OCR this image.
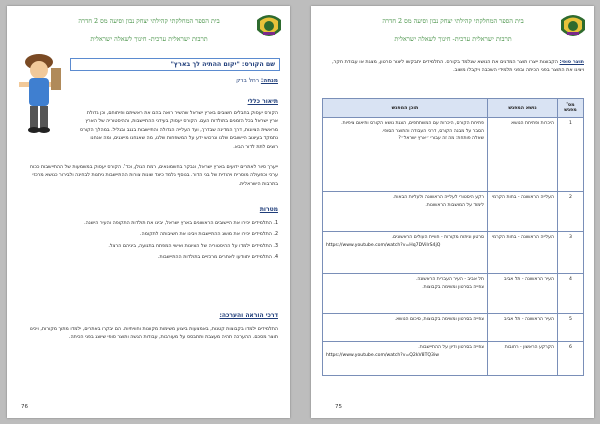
בית הספר המחלקתי קהילתי יצחק נבון וסיעה מס 2 חדרה
תרבות ישראלית ערכית- חינוך לשאלה ישראלית
שם הקורס: "יקום ההתיה לך בארץ"
מנחה: רחל ברק
תיאור כללי
הקורס יעסוק בחבלים חשובים בארץ ישראל שהשיר רואה בהם את ראשיתם ופיתוחם, וכן גדולת ארץ ישראל בכל הזמנים בתולדות העם. הקורס יעסוק בעידני ההתיישבות, וההיסטוריה של הארץ מראשית הציונות, דרך המדינה שבדרך, ועד העלייה הגדולה והתיישבות בנגב ובגליל. במהלך הקורס נתמקד בעיצוב היישובים שלנו ונרכוש ידע על המשפחות שלנו, מה שאנחנו מייצגים, ומה אנחנו רוצים לתת לדור הבא.
ייערך סיור לאתרים ידועים בארץ ישראל, ונבקר בחשמונאים, רמת הגולן, וכד'. הקורס יעסוק במשמעות של ההתיישבות ככוח ערכי וכפעולה מוסרית ויהודית של בני הדור. בנוסף נלמד כיצד שונות צורות ההתיישבות ניתנות לבחינה ולבירור כנושא מרכזי בתרבות הישראלית.
מטרות
1. התלמידים יכירו את היישובים הראשונים בארץ ישראל, יבינו את תולדות התקופה והעיר הישנה.
2. התלמידים יכירו את מושג ההתיישבות ויבינו את חשיבותה לתקומה.
3. התלמידים ילמדו על ההיסטוריה של הציונות ואישי המפתח בתנועה, ביניהם הרצל.
4. התלמידים יתוודעו לאתרים מרכזיים בתולדות ההתיישבות.
דרכי הוראה והערכה:
התלמידים ילמדו בקבוצות קטנות, באמצעות ביצוע משימות מקוונות וחוויתיות. הם יבקרו באתרים, ילמדו מתוך מקורות, ויכינו תוצר מסכם. ההערכה תהיה מעצבת ותתבסס על מעורבות, עבודות הגשה ותוצר סופי שיוצג בפני הכיתה.
76
בית הספר המחלקתי קהילתי יצחק נבון וסיעה מס 2 חדרה
תרבות ישראלית ערכית- חינוך לשאלה ישראלית
תוצר סופי: הקבוצות ייצרו תוצר המדגים את הנושא שנלמד בקורס. התלמידים יתבקשו ליצור סרטון, מצגת או עבודת חקר, ויציגו את התוצר בפני הכיתה ובפני תלמידי השכבה ויקבלו משוב.
מס' מפגש	נושא המפגש	תוכן המפגש
1	היכרות ופתיחת הנושא	פתיחת הקורס, היכרות עם המשתתפים, הצגת נושא הקורס ותיאום ציפיות.
הסבר על מבנה הקורס, דרכי העבודה והתוצר הסופי.
שאלה פותחת: מה זה עבורי ״ארץ ישראל״?

2	העלייה הראשונה - בחות הקרמי	רקע היסטורי לעלייה הראשונה ולעליות הבאות.
לימוד על המושבות הראשונות.

3	העלייה הראשונה - בחות הקרמי	סרטון וניתוח מקורות - חוויית העולים הראשונים.
https://www.youtube.com/watch?v=Hq7DViIrS4jQ

4	העיר הראשונה - תל אביב	תל אביב - העיר העברית הראשונה.
צפייה בסרטון ומשימה בקבוצות.

5	העיר הראשונה - תל אביב	צפייה בסרטון ומשימה בקבוצות, סיכום הנושא.

6	הקרקע הראשון - רחובות	צפייה בסרטון ודיון על ההתיישבות.
https://www.youtube.com/watch?v=Q2kV8TQ3iw
75
